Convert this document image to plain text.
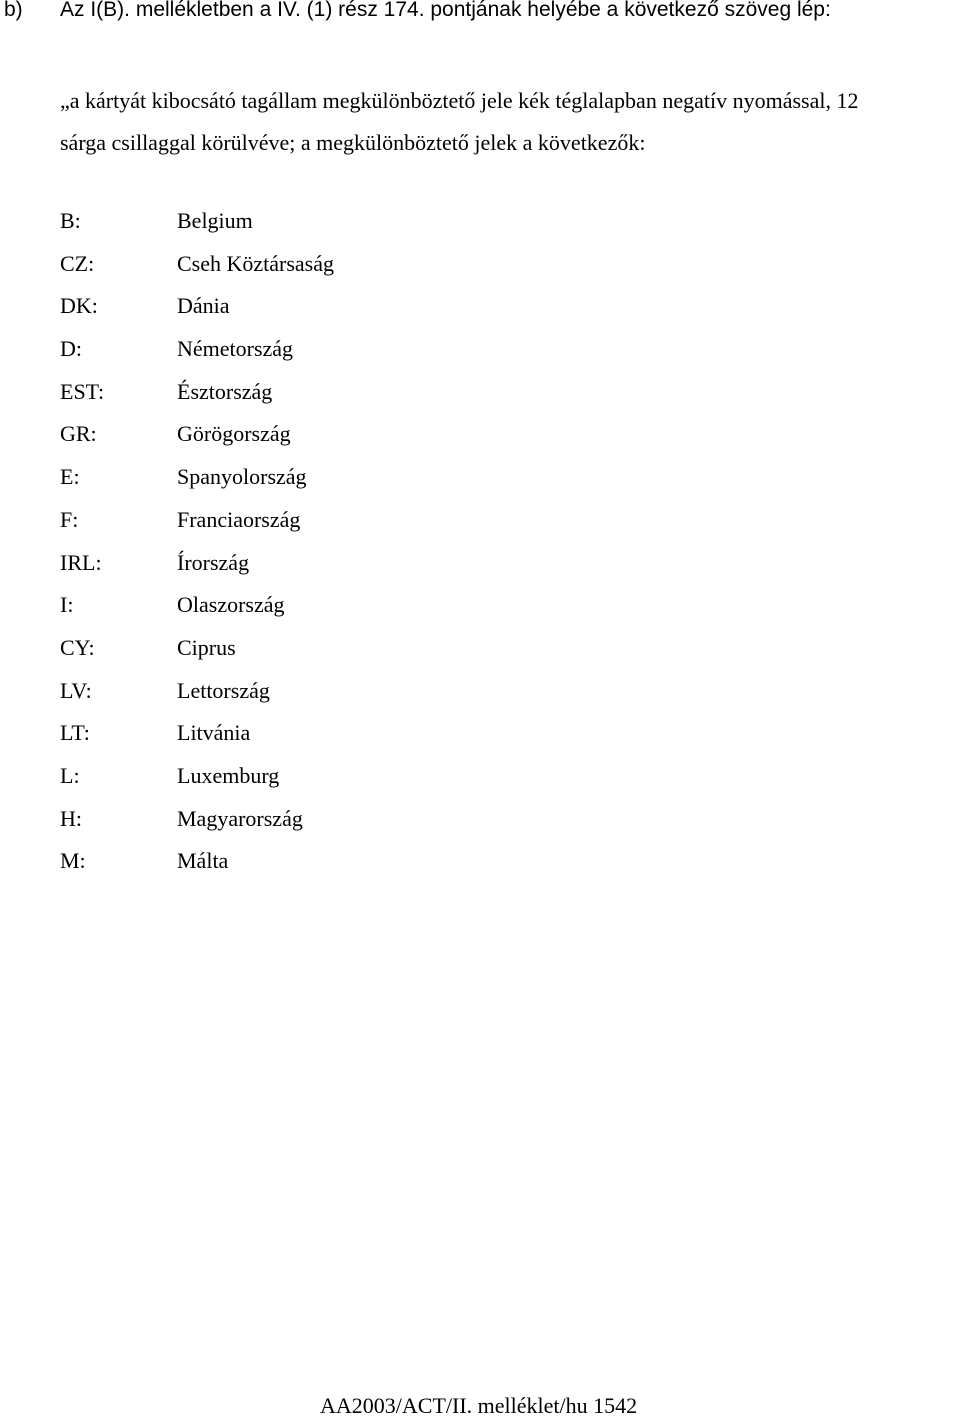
b) Az I(B). mellékletben a IV. (1) rész 174. pontjának helyébe a következő szöveg lép:
„a kártyát kibocsátó tagállam megkülönböztető jele kék téglalapban negatív nyomással, 12
sárga csillaggal körülvéve; a megkülönböztető jelek a következők:
B:	Belgium
CZ:	Cseh Köztársaság
DK:	Dánia
D:	Németország
EST:	Észtország
GR:	Görögország
E:	Spanyolország
F:	Franciaország
IRL:	Írország
I:	Olaszország
CY:	Ciprus
LV:	Lettország
LT:	Litvánia
L:	Luxemburg
H:	Magyarország
M:	Málta
AA2003/ACT/II. melléklet/hu 1542
